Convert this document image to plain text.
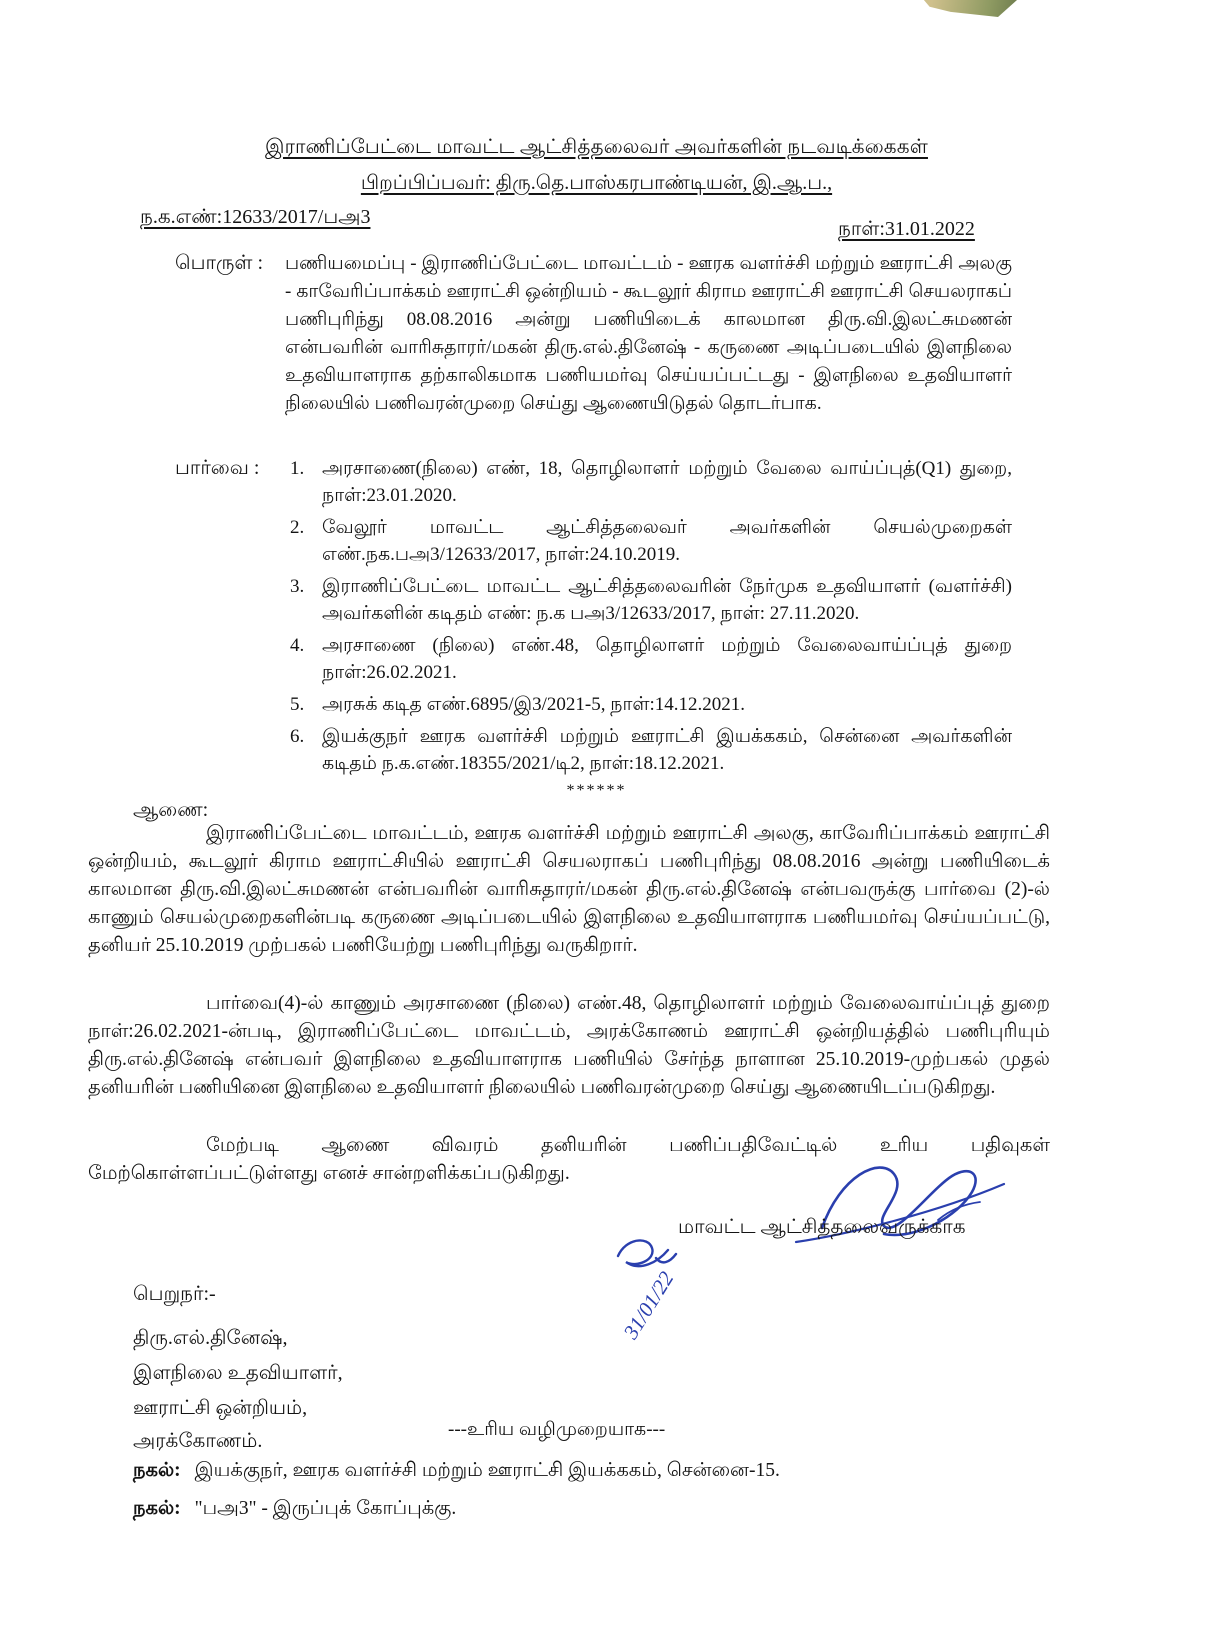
இராணிப்பேட்டை மாவட்ட ஆட்சித்தலைவர் அவர்களின் நடவடிக்கைகள்
பிறப்பிப்பவர்: திரு.தெ.பாஸ்கரபாண்டியன், இ.ஆ.ப.,
ந.க.எண்:12633/2017/பஅ3
நாள்:31.01.2022
பொருள் : பணியமைப்பு - இராணிப்பேட்டை மாவட்டம் - ஊரக வளர்ச்சி மற்றும் ஊராட்சி அலகு - காவேரிப்பாக்கம் ஊராட்சி ஒன்றியம் - கூடலூர் கிராம ஊராட்சி ஊராட்சி செயலராகப் பணிபுரிந்து 08.08.2016 அன்று பணியிடைக் காலமான திரு.வி.இலட்சுமணன் என்பவரின் வாரிசுதாரர்/மகன் திரு.எல்.தினேஷ் - கருணை அடிப்படையில் இளநிலை உதவியாளராக தற்காலிகமாக பணியமர்வு செய்யப்பட்டது - இளநிலை உதவியாளர் நிலையில் பணிவரன்முறை செய்து ஆணையிடுதல் தொடர்பாக.
பார்வை : 1. அரசாணை(நிலை) எண், 18, தொழிலாளர் மற்றும் வேலை வாய்ப்புத்(Q1) துறை, நாள்:23.01.2020.
2. வேலூர் மாவட்ட ஆட்சித்தலைவர் அவர்களின் செயல்முறைகள் எண்.நக.பஅ3/12633/2017, நாள்:24.10.2019.
3. இராணிப்பேட்டை மாவட்ட ஆட்சித்தலைவரின் நேர்முக உதவியாளர் (வளர்ச்சி) அவர்களின் கடிதம் எண்: ந.க பஅ3/12633/2017, நாள்: 27.11.2020.
4. அரசாணை (நிலை) எண்.48, தொழிலாளர் மற்றும் வேலைவாய்ப்புத் துறை நாள்:26.02.2021.
5. அரசுக் கடித எண்.6895/இ3/2021-5, நாள்:14.12.2021.
6. இயக்குநர் ஊரக வளர்ச்சி மற்றும் ஊராட்சி இயக்ககம், சென்னை அவர்களின் கடிதம் ந.க.எண்.18355/2021/டி2, நாள்:18.12.2021.
******
ஆணை:
இராணிப்பேட்டை மாவட்டம், ஊரக வளர்ச்சி மற்றும் ஊராட்சி அலகு, காவேரிப்பாக்கம் ஊராட்சி ஒன்றியம், கூடலூர் கிராம ஊராட்சியில் ஊராட்சி செயலராகப் பணிபுரிந்து 08.08.2016 அன்று பணியிடைக் காலமான திரு.வி.இலட்சுமணன் என்பவரின் வாரிசுதாரர்/மகன் திரு.எல்.தினேஷ் என்பவருக்கு பார்வை (2)-ல் காணும் செயல்முறைகளின்படி கருணை அடிப்படையில் இளநிலை உதவியாளராக பணியமர்வு செய்யப்பட்டு, தனியர் 25.10.2019 முற்பகல் பணியேற்று பணிபுரிந்து வருகிறார்.
பார்வை(4)-ல் காணும் அரசாணை (நிலை) எண்.48, தொழிலாளர் மற்றும் வேலைவாய்ப்புத் துறை நாள்:26.02.2021-ன்படி, இராணிப்பேட்டை மாவட்டம், அரக்கோணம் ஊராட்சி ஒன்றியத்தில் பணிபுரியும் திரு.எல்.தினேஷ் என்பவர் இளநிலை உதவியாளராக பணியில் சேர்ந்த நாளான 25.10.2019-முற்பகல் முதல் தனியரின் பணியினை இளநிலை உதவியாளர் நிலையில் பணிவரன்முறை செய்து ஆணையிடப்படுகிறது.
மேற்படி ஆணை விவரம் தனியரின் பணிப்பதிவேட்டில் உரிய பதிவுகள் மேற்கொள்ளப்பட்டுள்ளது எனச் சான்றளிக்கப்படுகிறது.
மாவட்ட ஆட்சித்தலைவருக்காக
31/01/22
பெறுநர்:-
திரு.எல்.தினேஷ்,
இளநிலை உதவியாளர்,
ஊராட்சி ஒன்றியம்,
அரக்கோணம்.
---உரிய வழிமுறையாக---
நகல்: இயக்குநர், ஊரக வளர்ச்சி மற்றும் ஊராட்சி இயக்ககம், சென்னை-15.
நகல்: "பஅ3" - இருப்புக் கோப்புக்கு.
